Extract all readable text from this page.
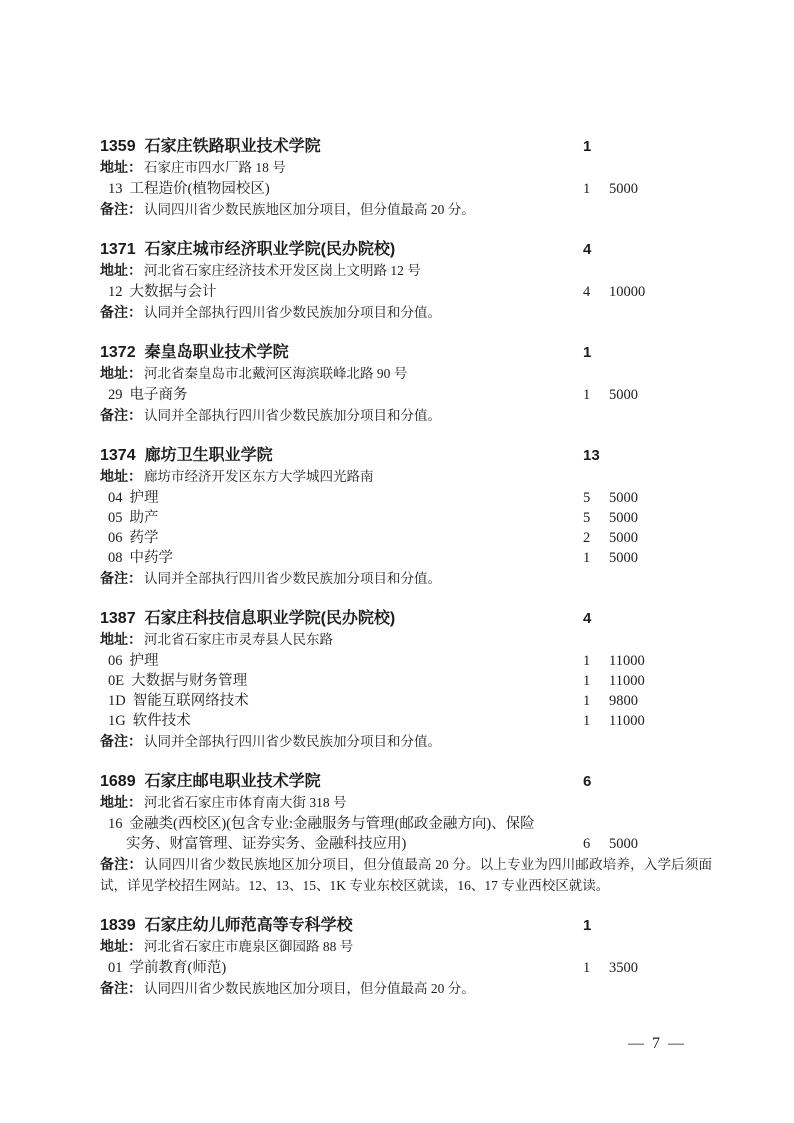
1359 石家庄铁路职业技术学院	1
地址： 石家庄市四水厂路 18 号
13 工程造价(植物园校区)	1	5000
备注： 认同四川省少数民族地区加分项目，但分值最高 20 分。
1371 石家庄城市经济职业学院(民办院校)	4
地址： 河北省石家庄经济技术开发区岗上文明路 12 号
12 大数据与会计	4	10000
备注： 认同并全部执行四川省少数民族加分项目和分值。
1372 秦皇岛职业技术学院	1
地址： 河北省秦皇岛市北戴河区海滨联峰北路 90 号
29 电子商务	1	5000
备注： 认同并全部执行四川省少数民族加分项目和分值。
1374 廊坊卫生职业学院	13
地址： 廊坊市经济开发区东方大学城四光路南
04 护理	5	5000
05 助产	5	5000
06 药学	2	5000
08 中药学	1	5000
备注： 认同并全部执行四川省少数民族加分项目和分值。
1387 石家庄科技信息职业学院(民办院校)	4
地址： 河北省石家庄市灵寿县人民东路
06 护理	1	11000
0E 大数据与财务管理	1	11000
1D 智能互联网络技术	1	9800
1G 软件技术	1	11000
备注： 认同并全部执行四川省少数民族加分项目和分值。
1689 石家庄邮电职业技术学院	6
地址： 河北省石家庄市体育南大街 318 号
16 金融类(西校区)(包含专业:金融服务与管理(邮政金融方向)、保险
实务、财富管理、证券实务、金融科技应用)	6	5000
备注： 认同四川省少数民族地区加分项目，但分值最高 20 分。以上专业为四川邮政培养，入学后须面试，详见学校招生网站。12、13、15、1K 专业东校区就读，16、17 专业西校区就读。
1839 石家庄幼儿师范高等专科学校	1
地址： 河北省石家庄市鹿泉区御园路 88 号
01 学前教育(师范)	1	3500
备注： 认同四川省少数民族地区加分项目，但分值最高 20 分。
— 7 —
